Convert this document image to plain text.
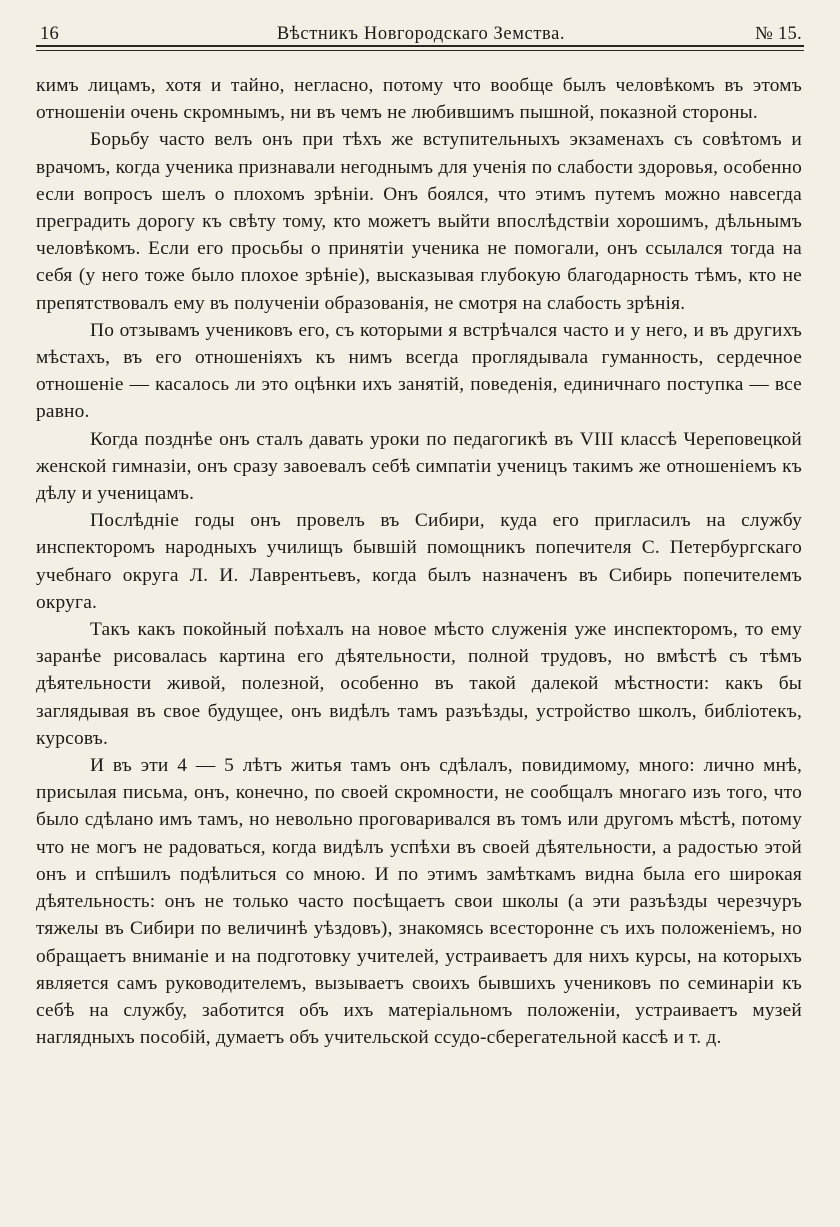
16	Вѣстникъ Новгородскаго Земства.	№ 15.

кимъ лицамъ, хотя и тайно, негласно, потому что вообще былъ человѣкомъ въ этомъ отношеніи очень скромнымъ, ни въ чемъ не любившимъ пышной, показной стороны.

Борьбу часто велъ онъ при тѣхъ же вступительныхъ экзаменахъ съ совѣтомъ и врачомъ, когда ученика признавали негоднымъ для ученія по слабости здоровья, особенно если вопросъ шелъ о плохомъ зрѣніи. Онъ боялся, что этимъ путемъ можно навсегда преградить дорогу къ свѣту тому, кто можетъ выйти впослѣдствіи хорошимъ, дѣльнымъ человѣкомъ. Если его просьбы о принятіи ученика не помогали, онъ ссылался тогда на себя (у него тоже было плохое зрѣніе), высказывая глубокую благодарность тѣмъ, кто не препятствовалъ ему въ полученіи образованія, не смотря на слабость зрѣнія.

По отзывамъ учениковъ его, съ которыми я встрѣчался часто и у него, и въ другихъ мѣстахъ, въ его отношеніяхъ къ нимъ всегда проглядывала гуманность, сердечное отношеніе — касалось ли это оцѣнки ихъ занятій, поведенія, единичнаго поступка — все равно.

Когда позднѣе онъ сталъ давать уроки по педагогикѣ въ VIII классѣ Череповецкой женской гимназіи, онъ сразу завоевалъ себѣ симпатіи ученицъ такимъ же отношеніемъ къ дѣлу и ученицамъ.

Послѣдніе годы онъ провелъ въ Сибири, куда его пригласилъ на службу инспекторомъ народныхъ училищъ бывшій помощникъ попечителя С. Петербургскаго учебнаго округа Л. И. Лаврентьевъ, когда былъ назначенъ въ Сибирь попечителемъ округа.

Такъ какъ покойный поѣхалъ на новое мѣсто служенія уже инспекторомъ, то ему заранѣе рисовалась картина его дѣятельности, полной трудовъ, но вмѣстѣ съ тѣмъ дѣятельности живой, полезной, особенно въ такой далекой мѣстности: какъ бы заглядывая въ свое будущее, онъ видѣлъ тамъ разъѣзды, устройство школъ, библіотекъ, курсовъ.

И въ эти 4 — 5 лѣтъ житья тамъ онъ сдѣлалъ, повидимому, много: лично мнѣ, присылая письма, онъ, конечно, по своей скромности, не сообщалъ многаго изъ того, что было сдѣлано имъ тамъ, но невольно проговаривался въ томъ или другомъ мѣстѣ, потому что не могъ не радоваться, когда видѣлъ успѣхи въ своей дѣятельности, а радостью этой онъ и спѣшилъ подѣлиться со мною. И по этимъ замѣткамъ видна была его широкая дѣятельность: онъ не только часто посѣщаетъ свои школы (а эти разъѣзды черезчуръ тяжелы въ Сибири по величинѣ уѣздовъ), знакомясь всесторонне съ ихъ положеніемъ, но обращаетъ вниманіе и на подготовку учителей, устраиваетъ для нихъ курсы, на которыхъ является самъ руководителемъ, вызываетъ своихъ бывшихъ учениковъ по семинаріи къ себѣ на службу, заботится объ ихъ матеріальномъ положеніи, устраиваетъ музей наглядныхъ пособій, думаетъ объ учительской ссудо-сберегательной кассѣ и т. д.
